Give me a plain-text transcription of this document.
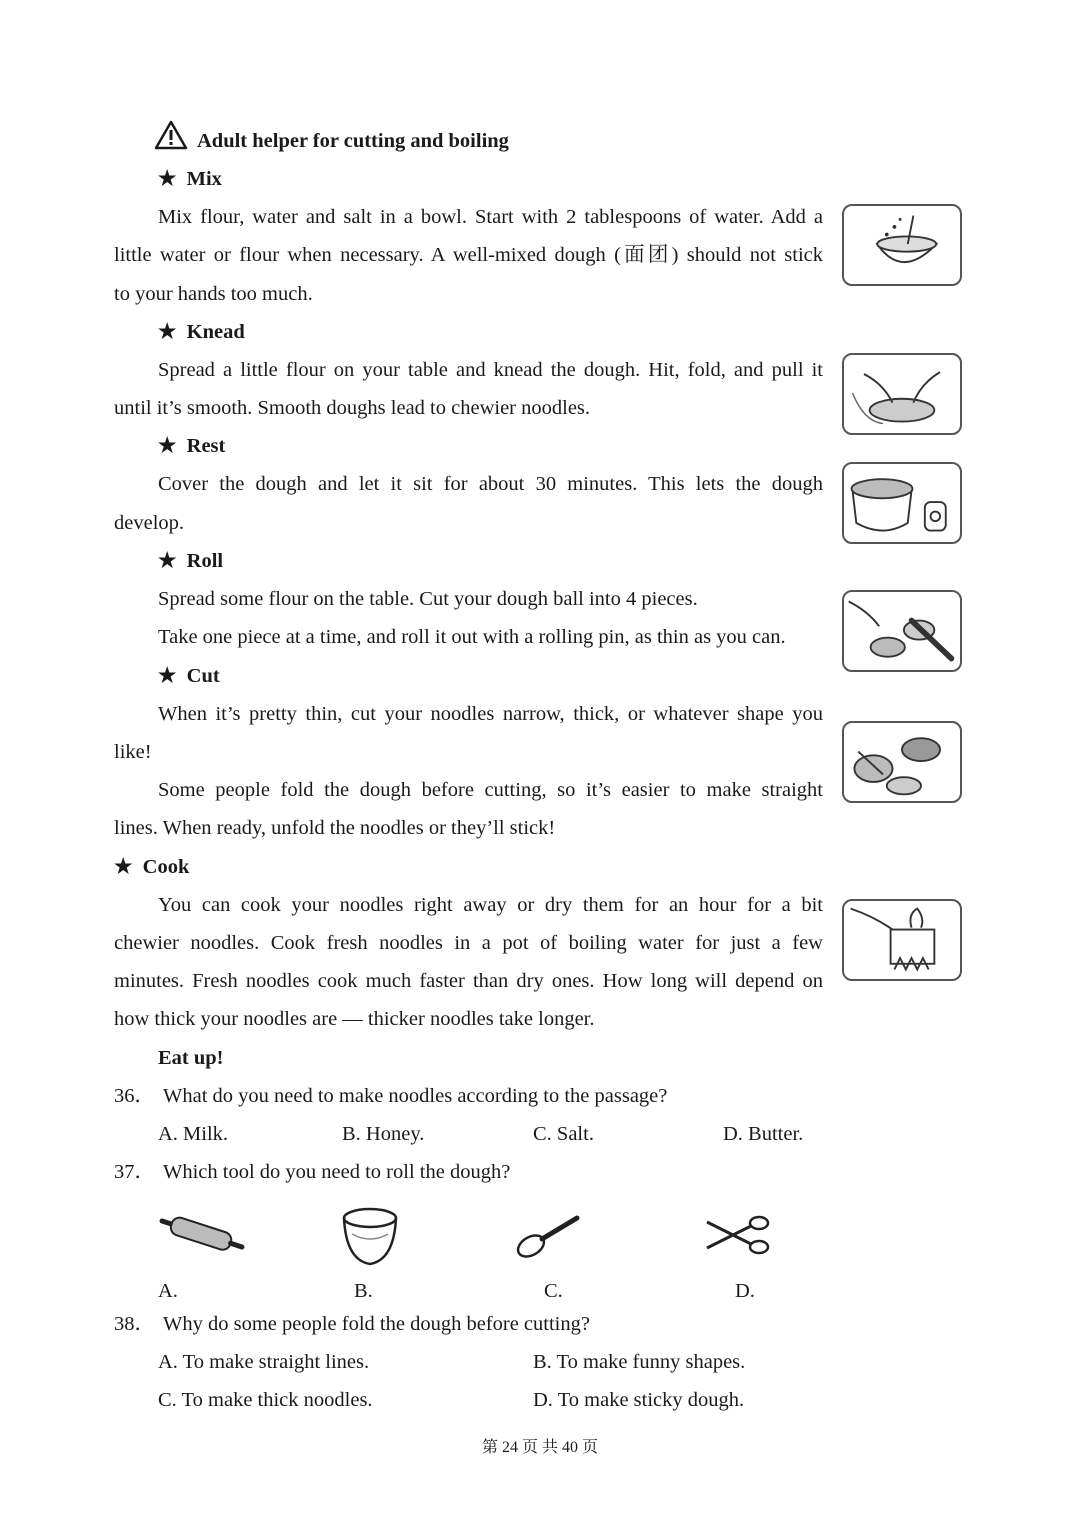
Adult helper for cutting and boiling
★ Mix
Mix flour, water and salt in a bowl. Start with 2 tablespoons of water. Add a
little water or flour when necessary. A well-mixed dough (面团) should not stick
to your hands too much.
★ Knead
Spread a little flour on your table and knead the dough. Hit, fold, and pull it
until it’s smooth. Smooth doughs lead to chewier noodles.
★ Rest
Cover the dough and let it sit for about 30 minutes. This lets the dough
develop.
★ Roll
Spread some flour on the table. Cut your dough ball into 4 pieces.
Take one piece at a time, and roll it out with a rolling pin, as thin as you can.
★ Cut
When it’s pretty thin, cut your noodles narrow, thick, or whatever shape you
like!
Some people fold the dough before cutting, so it’s easier to make straight
lines. When ready, unfold the noodles or they’ll stick!
★ Cook
You can cook your noodles right away or dry them for an hour for a bit
chewier noodles. Cook fresh noodles in a pot of boiling water for just a few
minutes. Fresh noodles cook much faster than dry ones. How long will depend on
how thick your noodles are — thicker noodles take longer.
Eat up!
36． What do you need to make noodles according to the passage?
A. Milk.	B. Honey.	C. Salt.	D. Butter.
37． Which tool do you need to roll the dough?
A.	B.	C.	D.
38． Why do some people fold the dough before cutting?
A. To make straight lines.	B. To make funny shapes.
C. To make thick noodles.	D. To make sticky dough.
第 24 页 共 40 页
